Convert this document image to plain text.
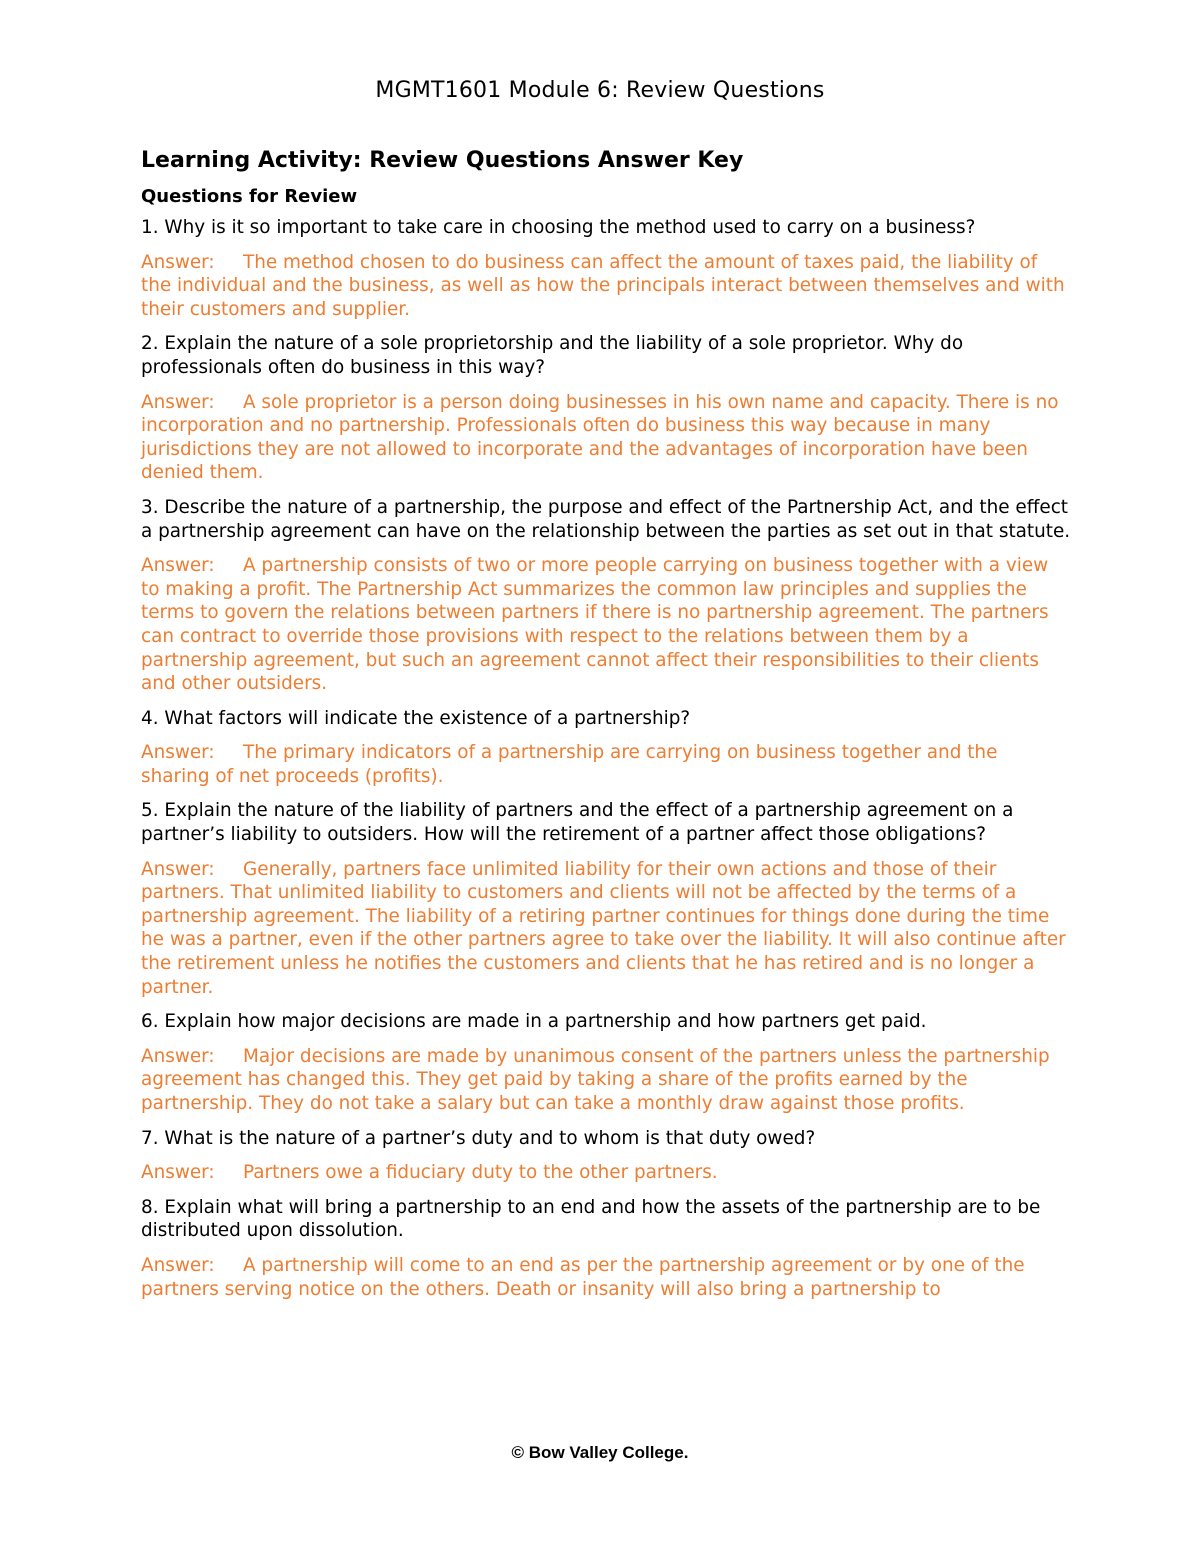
MGMT1601 Module 6: Review Questions
Learning Activity: Review Questions Answer Key
Questions for Review
1. Why is it so important to take care in choosing the method used to carry on a business?
Answer: The method chosen to do business can affect the amount of taxes paid, the liability of the individual and the business, as well as how the principals interact between themselves and with their customers and supplier.
2. Explain the nature of a sole proprietorship and the liability of a sole proprietor. Why do professionals often do business in this way?
Answer: A sole proprietor is a person doing businesses in his own name and capacity. There is no incorporation and no partnership. Professionals often do business this way because in many jurisdictions they are not allowed to incorporate and the advantages of incorporation have been denied them.
3. Describe the nature of a partnership, the purpose and effect of the Partnership Act, and the effect a partnership agreement can have on the relationship between the parties as set out in that statute.
Answer: A partnership consists of two or more people carrying on business together with a view to making a profit. The Partnership Act summarizes the common law principles and supplies the terms to govern the relations between partners if there is no partnership agreement. The partners can contract to override those provisions with respect to the relations between them by a partnership agreement, but such an agreement cannot affect their responsibilities to their clients and other outsiders.
4. What factors will indicate the existence of a partnership?
Answer: The primary indicators of a partnership are carrying on business together and the sharing of net proceeds (profits).
5. Explain the nature of the liability of partners and the effect of a partnership agreement on a partner’s liability to outsiders. How will the retirement of a partner affect those obligations?
Answer: Generally, partners face unlimited liability for their own actions and those of their partners. That unlimited liability to customers and clients will not be affected by the terms of a partnership agreement. The liability of a retiring partner continues for things done during the time he was a partner, even if the other partners agree to take over the liability. It will also continue after the retirement unless he notifies the customers and clients that he has retired and is no longer a partner.
6. Explain how major decisions are made in a partnership and how partners get paid.
Answer: Major decisions are made by unanimous consent of the partners unless the partnership agreement has changed this. They get paid by taking a share of the profits earned by the partnership. They do not take a salary but can take a monthly draw against those profits.
7. What is the nature of a partner’s duty and to whom is that duty owed?
Answer: Partners owe a fiduciary duty to the other partners.
8. Explain what will bring a partnership to an end and how the assets of the partnership are to be distributed upon dissolution.
Answer: A partnership will come to an end as per the partnership agreement or by one of the partners serving notice on the others. Death or insanity will also bring a partnership to
© Bow Valley College.
